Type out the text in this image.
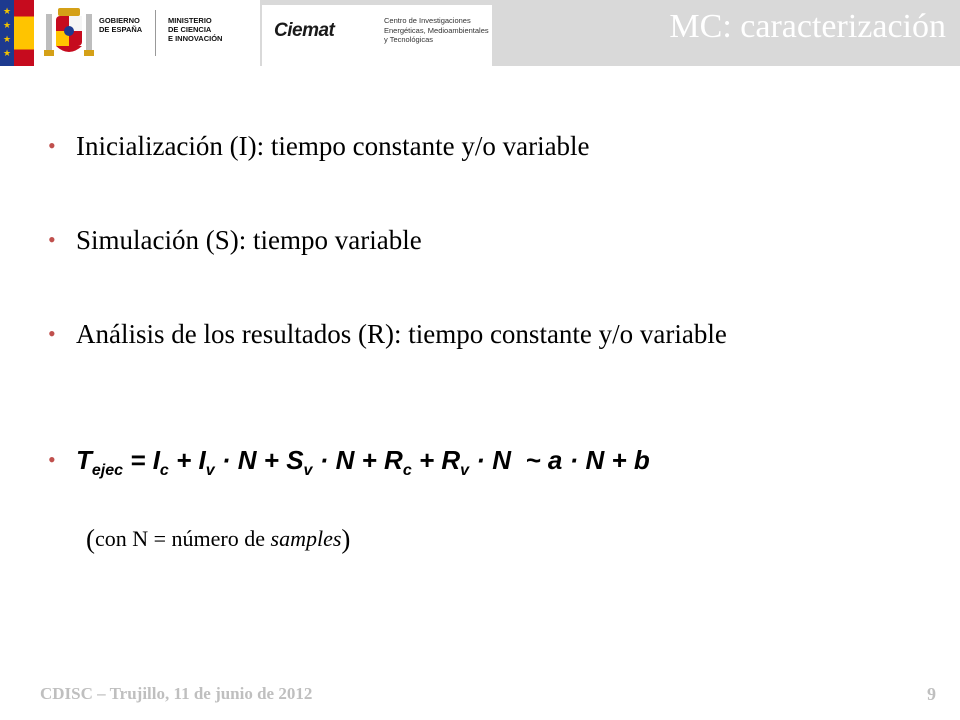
★
★
★
★
GOBIERNO
DE ESPAÑA
MINISTERIO
DE CIENCIA
E INNOVACIÓN	Ciemat	Centro de Investigaciones
Energéticas, Medioambientales
y Tecnológicas	MC: caracterización
• Inicialización (I): tiempo constante y/o variable
• Simulación (S): tiempo variable
• Análisis de los resultados (R): tiempo constante y/o variable
• $T_{ejec} = I_c + I_v \cdot N + S_v \cdot N + R_c + R_v \cdot N$ ~ a · N + b
(con N = número de samples)
CDISC – Trujillo, 11 de junio de 2012	9
